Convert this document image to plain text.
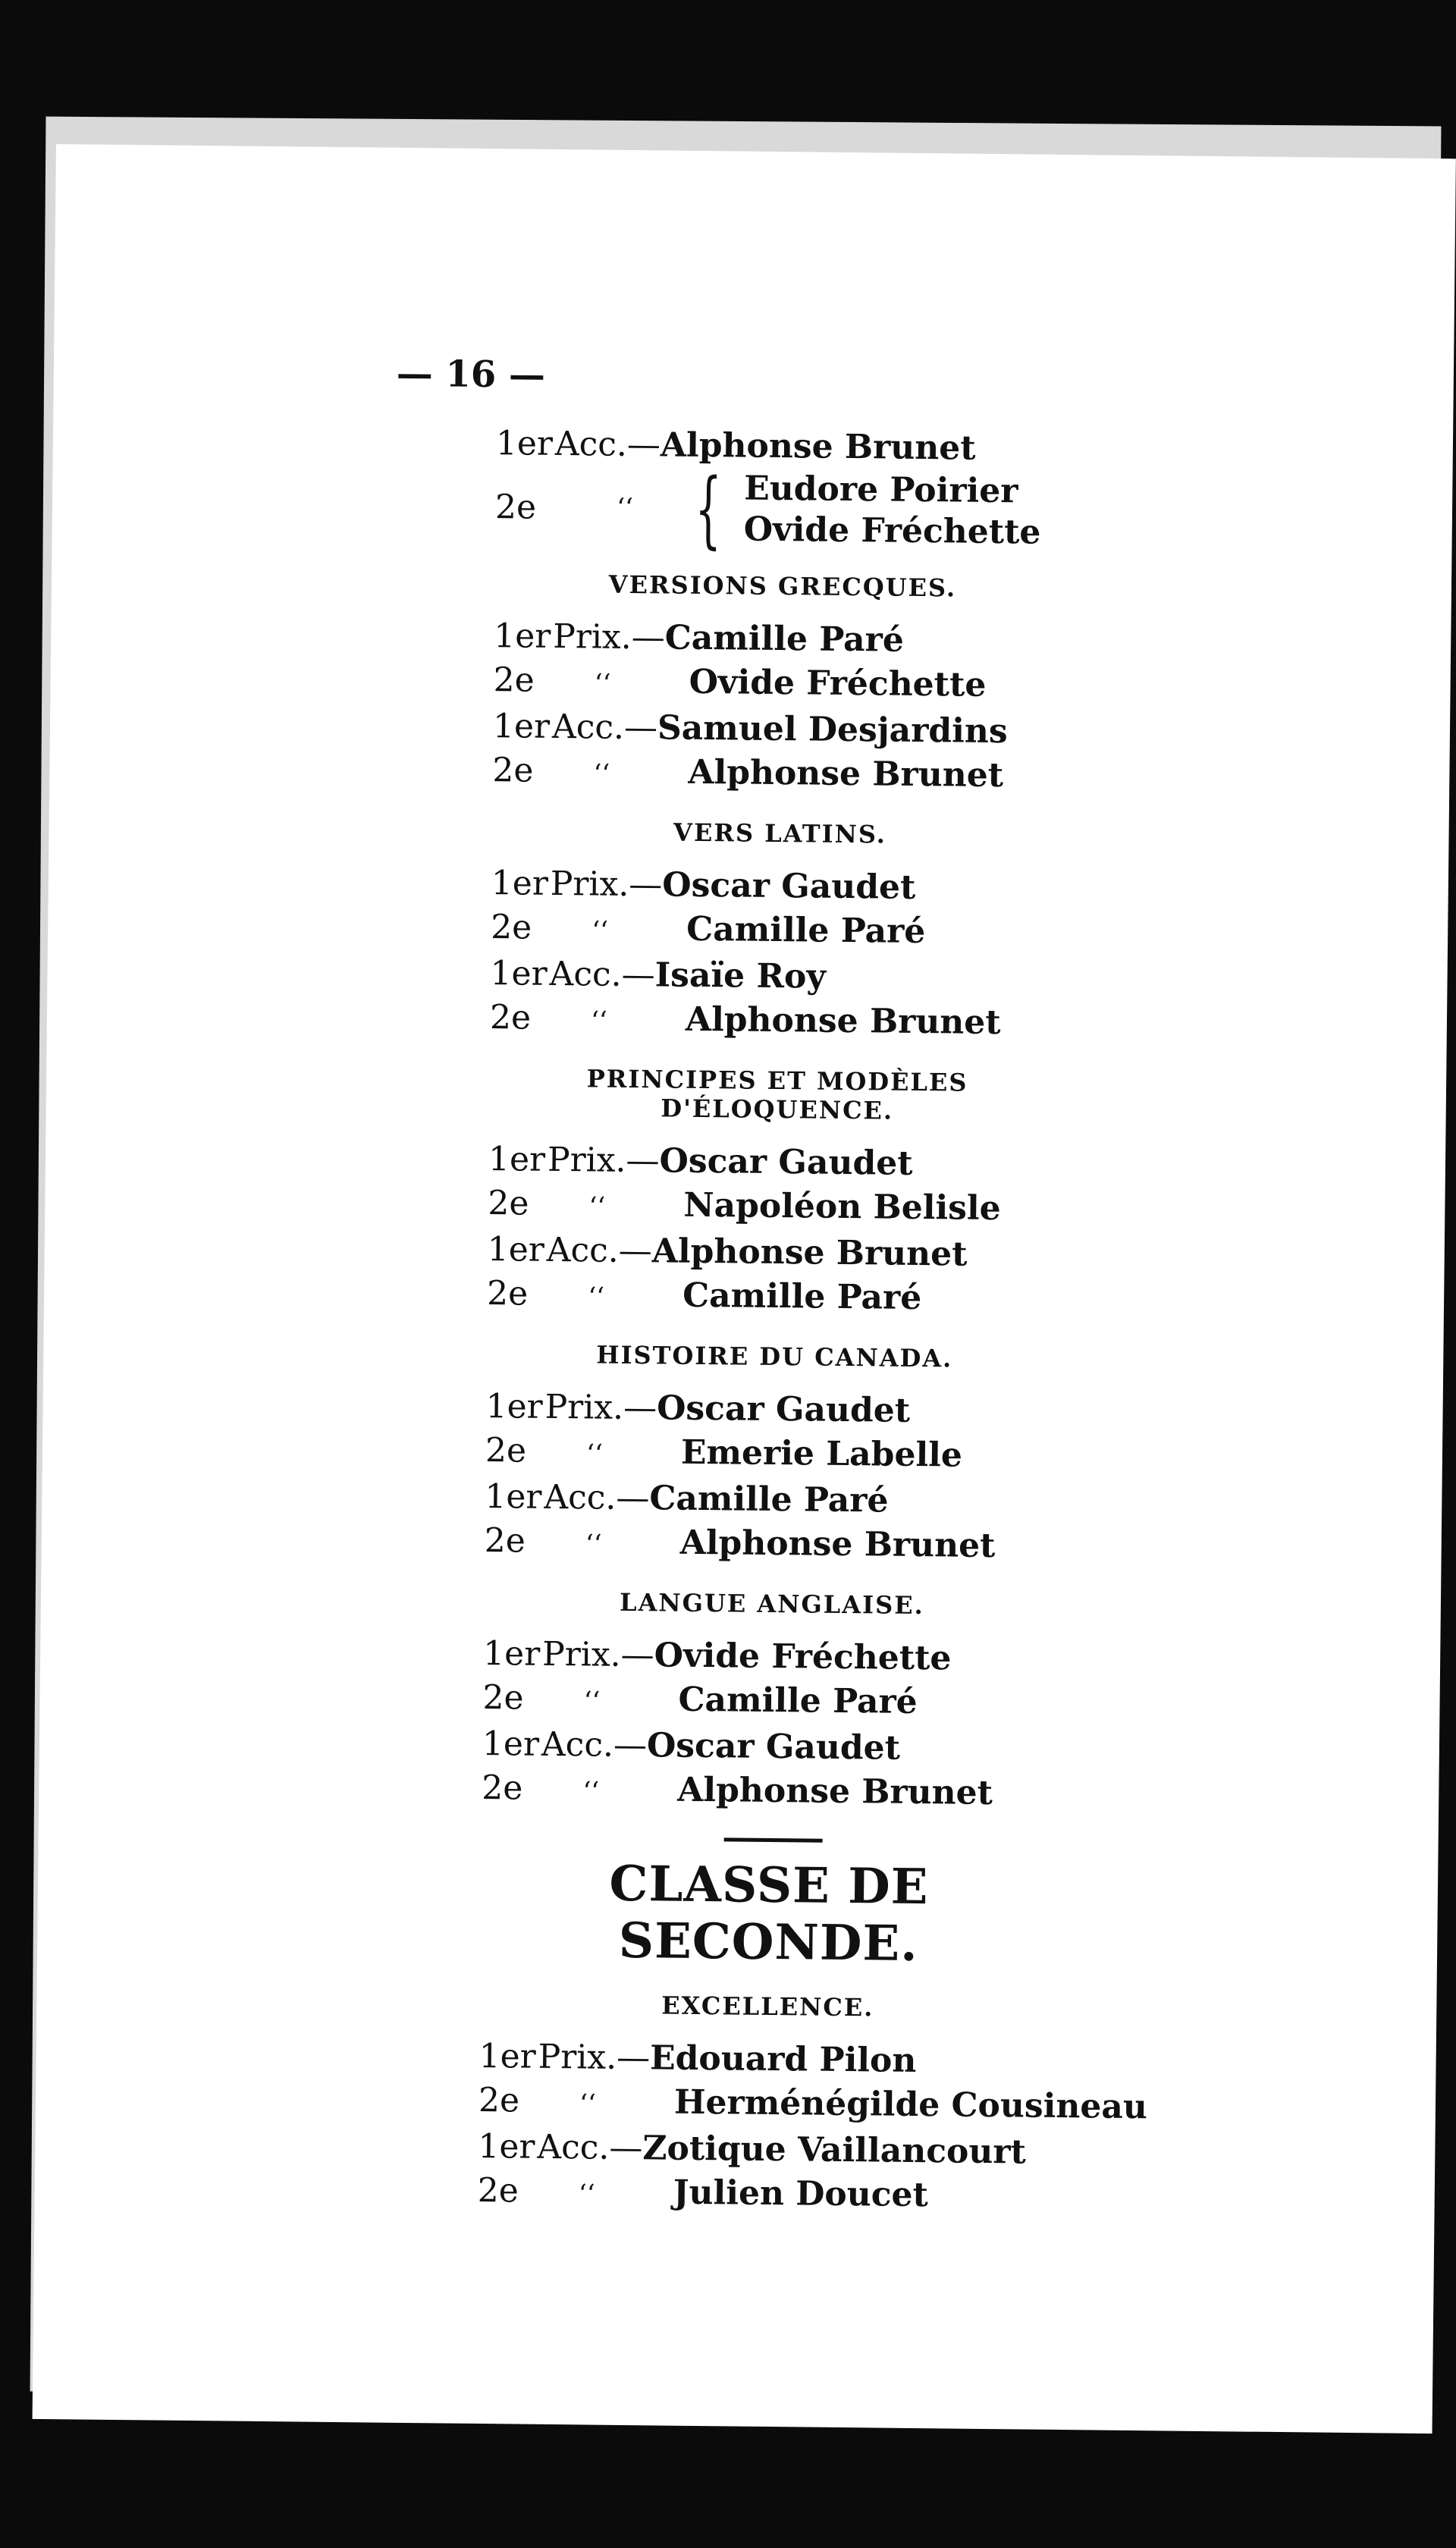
— 16 —
1er Acc. — Alphonse Brunet
2e	‘‘ { Eudore Poirier
Ovide Fréchette
VERSIONS GRECQUES.
1er Prix. — Camille Paré
2e	‘‘	Ovide Fréchette
1er Acc. — Samuel Desjardins
2e	‘‘	Alphonse Brunet
VERS LATINS.
1er Prix. — Oscar Gaudet
2e	‘‘	Camille Paré
1er Acc. — Isaïe Roy
2e	‘‘	Alphonse Brunet
PRINCIPES ET MODÈLES D'ÉLOQUENCE.
1er Prix. — Oscar Gaudet
2e	‘‘	Napoléon Belisle
1er Acc. — Alphonse Brunet
2e	‘‘	Camille Paré
HISTOIRE DU CANADA.
1er Prix. — Oscar Gaudet
2e	‘‘	Emerie Labelle
1er Acc. — Camille Paré
2e	‘‘	Alphonse Brunet
LANGUE ANGLAISE.
1er Prix. — Ovide Fréchette
2e	‘‘	Camille Paré
1er Acc. — Oscar Gaudet
2e	‘‘	Alphonse Brunet
CLASSE DE SECONDE.
EXCELLENCE.
1er Prix. — Edouard Pilon
2e	‘‘	Herménégilde Cousineau
1er Acc. — Zotique Vaillancourt
2e	‘‘	Julien Doucet
